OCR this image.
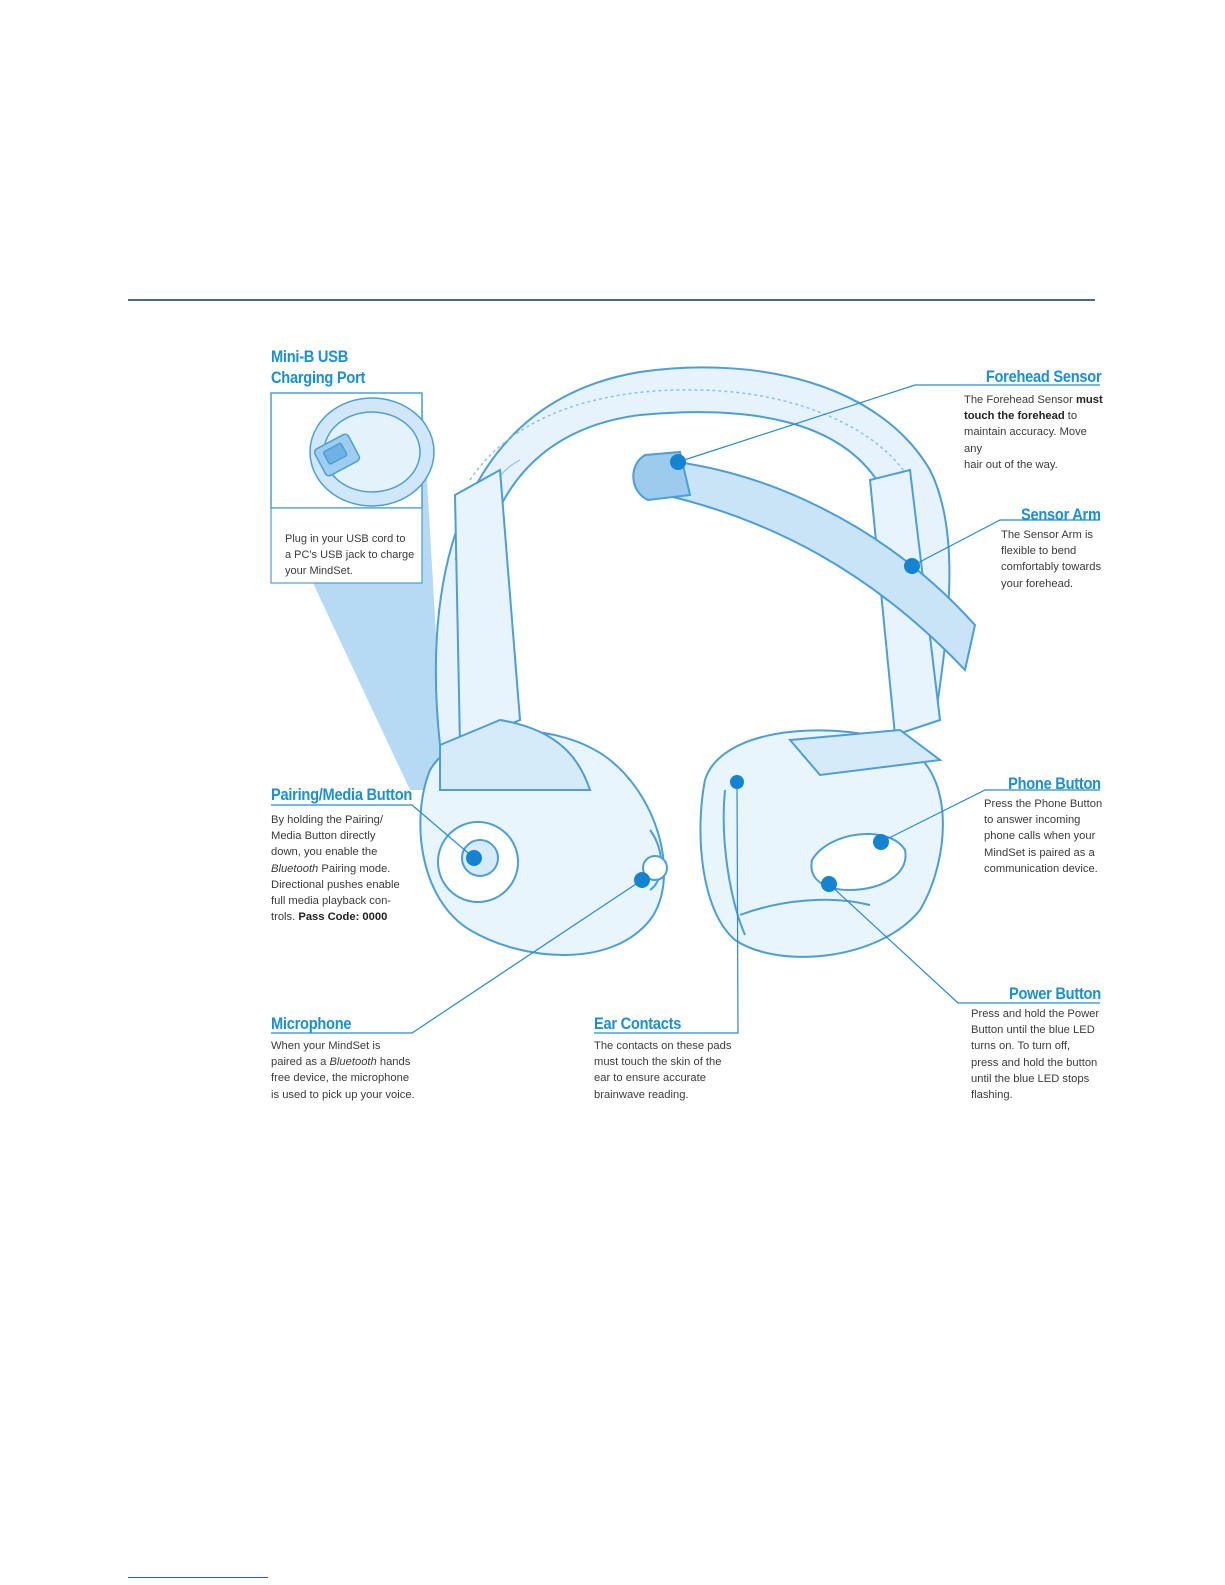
Mini-B USB
Charging Port
Plug in your USB cord to
a PC's USB jack to charge
your MindSet.
Forehead Sensor
The Forehead Sensor must
touch the forehead to
maintain accuracy. Move any
hair out of the way.
Sensor Arm
The Sensor Arm is
flexible to bend
comfortably towards
your forehead.
Pairing/Media Button
By holding the Pairing/
Media Button directly
down, you enable the
Bluetooth Pairing mode.
Directional pushes enable
full media playback con-
trols. Pass Code: 0000
Phone Button
Press the Phone Button
to answer incoming
phone calls when your
MindSet is paired as a
communication device.
Power Button
Press and hold the Power
Button until the blue LED
turns on. To turn off,
press and hold the button
until the blue LED stops
flashing.
Microphone
When your MindSet is
paired as a Bluetooth hands
free device, the microphone
is used to pick up your voice.
Ear Contacts
The contacts on these pads
must touch the skin of the
ear to ensure accurate
brainwave reading.
